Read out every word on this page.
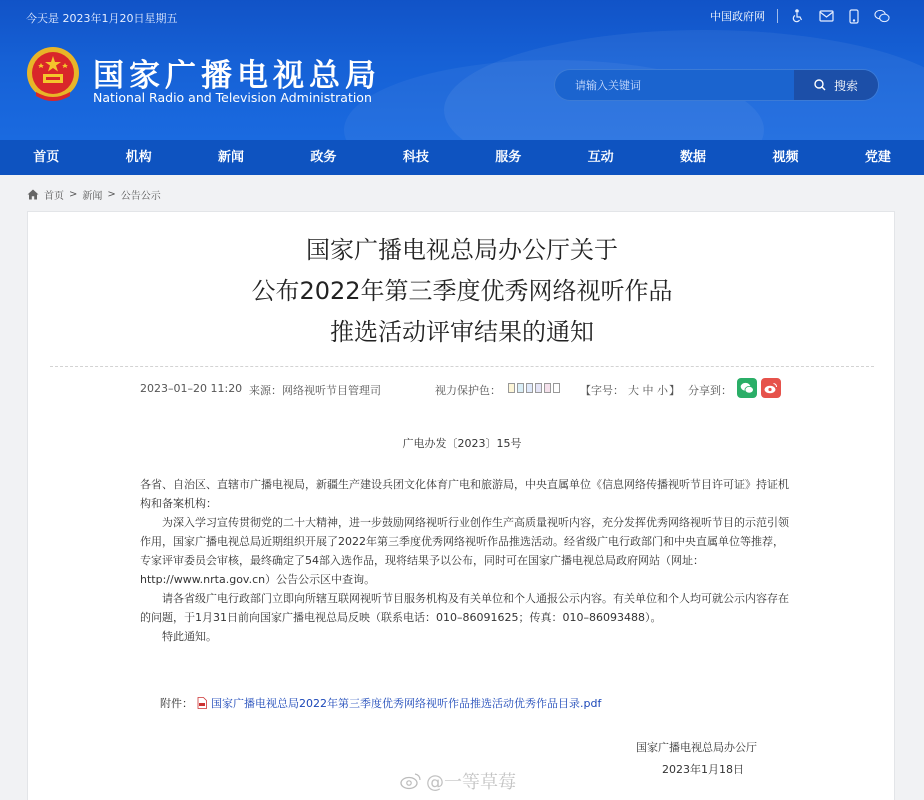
今天是 2023年1月20日星期五	中国政府网
国家广播电视总局
National Radio and Television Administration
请输入关键词
搜索
首页	机构	新闻	政务	科技	服务	互动	数据	视频	党建
首页 > 新闻 > 公告公示
国家广播电视总局办公厅关于
公布2022年第三季度优秀网络视听作品
推选活动评审结果的通知
2023–01–20 11:20 来源：网络视听节目管理司	视力保护色：	【字号： 大 中 小 】 分享到：
广电办发〔2023〕15号

各省、自治区、直辖市广播电视局，新疆生产建设兵团文化体育广电和旅游局，中央直属单位《信息网络传播视听节目许可证》持证机构和备案机构：

为深入学习宣传贯彻党的二十大精神，进一步鼓励网络视听行业创作生产高质量视听内容，充分发挥优秀网络视听节目的示范引领作用，国家广播电视总局近期组织开展了2022年第三季度优秀网络视听作品推选活动。经省级广电行政部门和中央直属单位等推荐，专家评审委员会审核，最终确定了54部入选作品，现将结果予以公布，同时可在国家广播电视总局政府网站（网址：http://www.nrta.gov.cn）公告公示区中查询。

请各省级广电行政部门立即向所辖互联网视听节目服务机构及有关单位和个人通报公示内容。有关单位和个人均可就公示内容存在的问题，于1月31日前向国家广播电视总局反映（联系电话：010–86091625；传真：010–86093488）。

特此通知。

附件： 国家广播电视总局2022年第三季度优秀网络视听作品推选活动优秀作品目录.pdf
国家广播电视总局办公厅
2023年1月18日
@一等草莓
